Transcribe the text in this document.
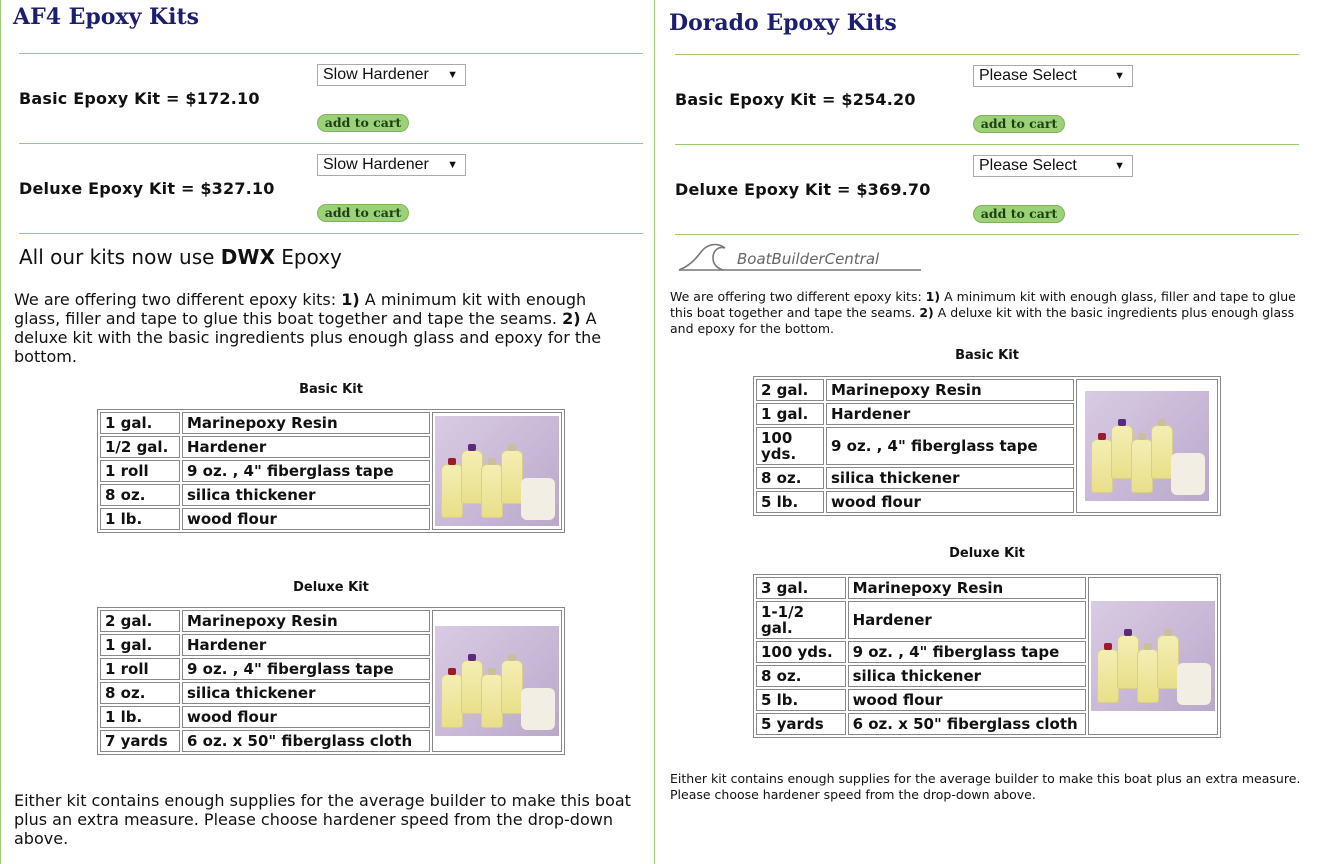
AF4 Epoxy Kits
Basic Epoxy Kit = $172.10
Slow Hardener ▼
add to cart
Deluxe Epoxy Kit = $327.10
Slow Hardener ▼
add to cart
All our kits now use DWX Epoxy

We are offering two different epoxy kits: 1) A minimum kit with enough glass, filler and tape to glue this boat together and tape the seams. 2) A deluxe kit with the basic ingredients plus enough glass and epoxy for the bottom.

Basic Kit
1 gal.	Marinepoxy Resin	

1/2 gal.	Hardener	
1 roll	9 oz. , 4" fiberglass tape	
8 oz.	silica thickener	
1 lb.	wood flour	
Deluxe Kit
2 gal.	Marinepoxy Resin	

1 gal.	Hardener	
1 roll	9 oz. , 4" fiberglass tape	
8 oz.	silica thickener	
1 lb.	wood flour	
7 yards	6 oz. x 50" fiberglass cloth	

Either kit contains enough supplies for the average builder to make this boat plus an extra measure. Please choose hardener speed from the drop-down above.

Dorado Epoxy Kits
Basic Epoxy Kit = $254.20
Please Select	▼
add to cart
Deluxe Epoxy Kit = $369.70
Please Select	▼
add to cart
BoatBuilderCentral

We are offering two different epoxy kits: 1) A minimum kit with enough glass, filler and tape to glue this boat together and tape the seams. 2) A deluxe kit with the basic ingredients plus enough glass and epoxy for the bottom.

Basic Kit
2 gal.	Marinepoxy Resin	

1 gal.	Hardener	
100 yds.	9 oz. , 4" fiberglass tape	
8 oz.	silica thickener	
5 lb.	wood flour	
Deluxe Kit
3 gal.	Marinepoxy Resin	

1-1/2 gal.	Hardener	
100 yds.	9 oz. , 4" fiberglass tape	
8 oz.	silica thickener	
5 lb.	wood flour	
5 yards	6 oz. x 50" fiberglass cloth	

Either kit contains enough supplies for the average builder to make this boat plus an extra measure. Please choose hardener speed from the drop-down above.
